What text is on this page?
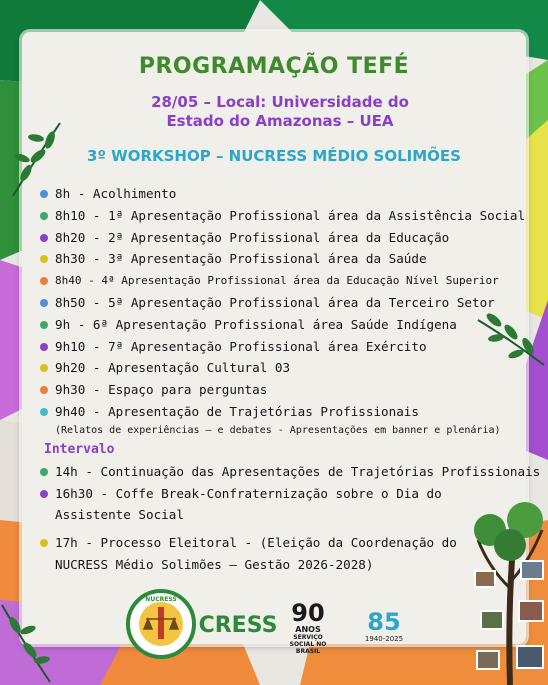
PROGRAMAÇÃO TEFÉ
28/05 – Local: Universidade do Estado do Amazonas – UEA
3º WORKSHOP – NUCRESS MÉDIO SOLIMÕES
8h - Acolhimento
8h10 - 1ª Apresentação Profissional área da Assistência Social
8h20 - 2ª Apresentação Profissional área da Educação
8h30 - 3ª Apresentação Profissional área da Saúde
8h40 - 4ª Apresentação Profissional área da Educação Nível Superior
8h50 - 5ª Apresentação Profissional área da Terceiro Setor
9h - 6ª Apresentação Profissional área Saúde Indígena
9h10 - 7ª Apresentação Profissional área Exército
9h20 - Apresentação Cultural 03
9h30 - Espaço para perguntas
9h40 - Apresentação de Trajetórias Profissionais
(Relatos de experiências – e debates - Apresentações em banner e plenária)
Intervalo
14h - Continuação das Apresentações de Trajetórias Profissionais
16h30 - Coffe Break-Confraternização sobre o Dia do
Assistente Social
17h - Processo Eleitoral - (Eleição da Coordenação do
NUCRESS Médio Solimões – Gestão 2026-2028)
NUCRESS
CRESS 90
ANOS
SERVIÇO SOCIAL NO BRASIL
85
1940-2025
